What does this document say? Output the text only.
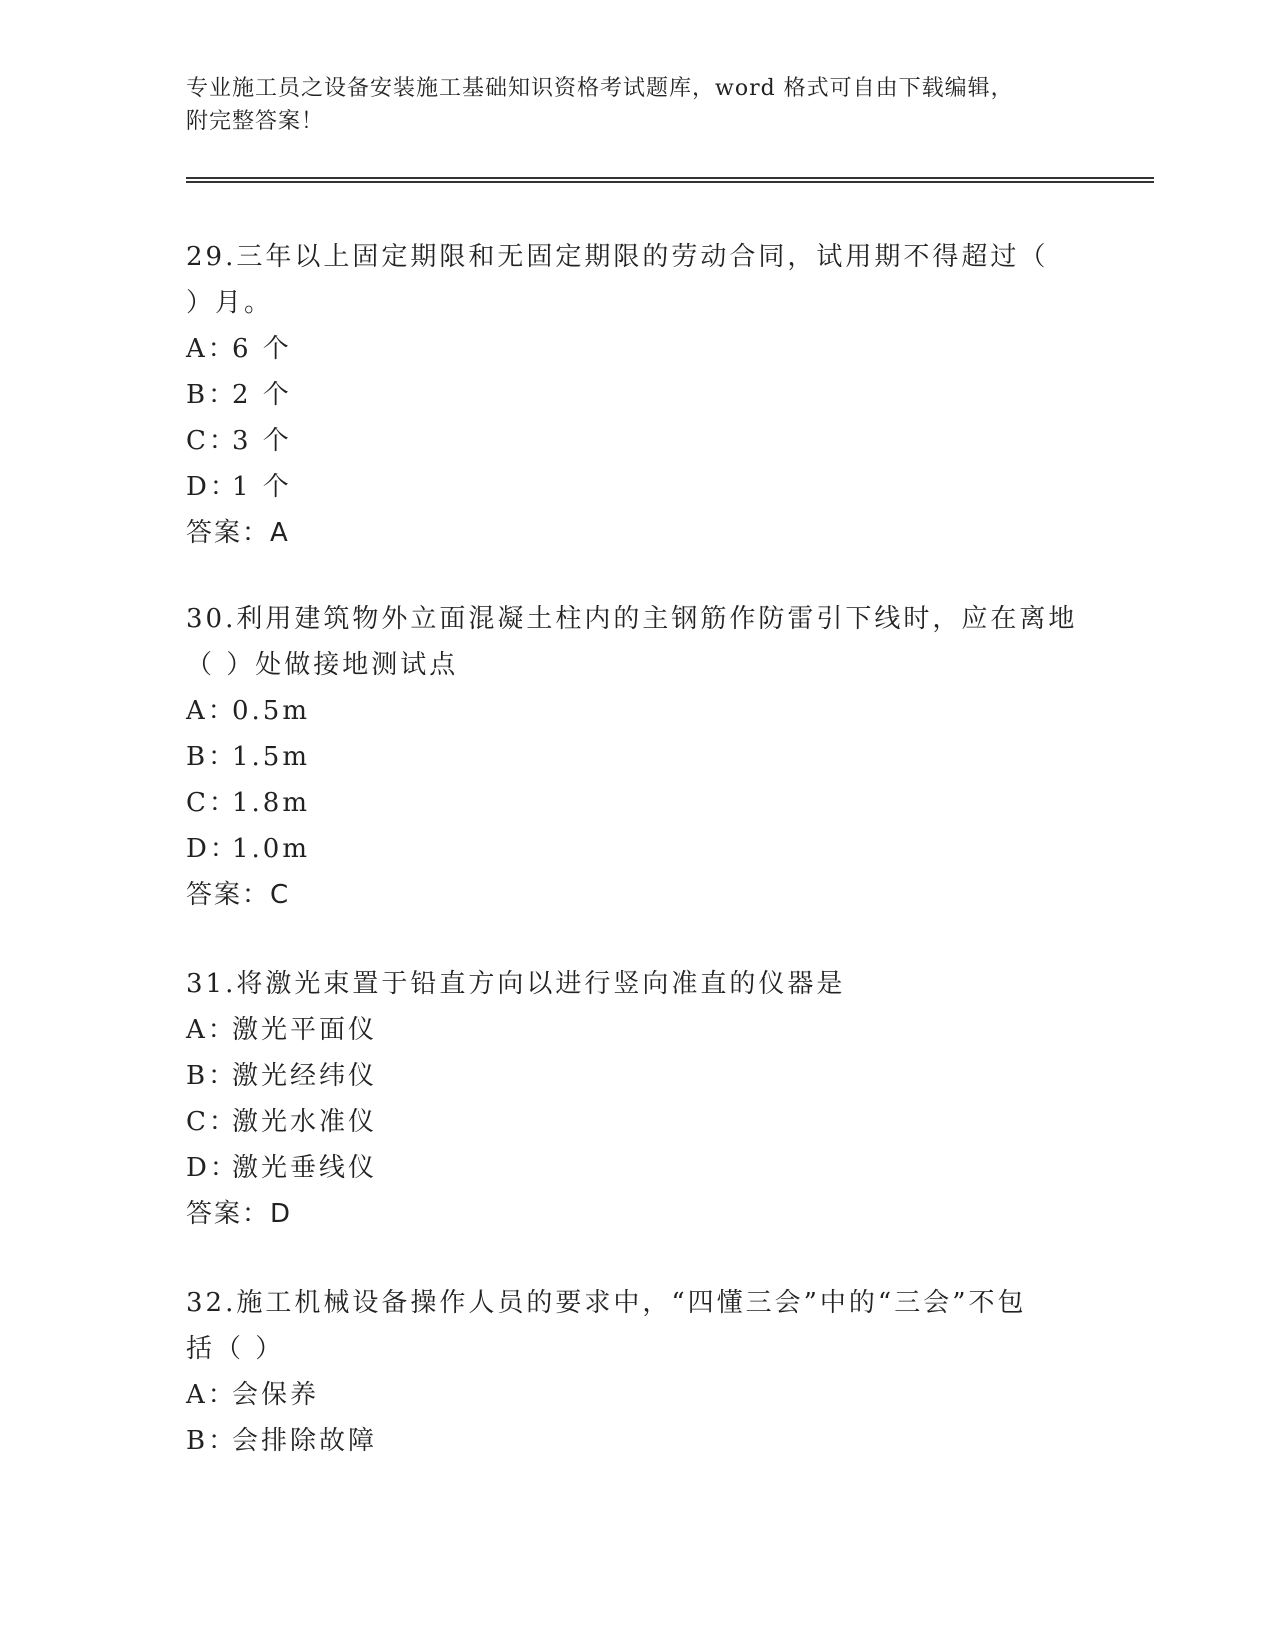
专业施工员之设备安装施工基础知识资格考试题库，word 格式可自由下载编辑，
附完整答案！

29.三年以上固定期限和无固定期限的劳动合同，试用期不得超过（

）月。

A：6 个

B：2 个

C：3 个

D：1 个

答案：A

30.利用建筑物外立面混凝土柱内的主钢筋作防雷引下线时，应在离地

（ ）处做接地测试点

A：0.5m

B：1.5m

C：1.8m

D：1.0m

答案：C

31.将激光束置于铅直方向以进行竖向准直的仪器是

A：激光平面仪

B：激光经纬仪

C：激光水准仪

D：激光垂线仪

答案：D

32.施工机械设备操作人员的要求中，“四懂三会”中的“三会”不包

括（ ）

A：会保养

B：会排除故障
